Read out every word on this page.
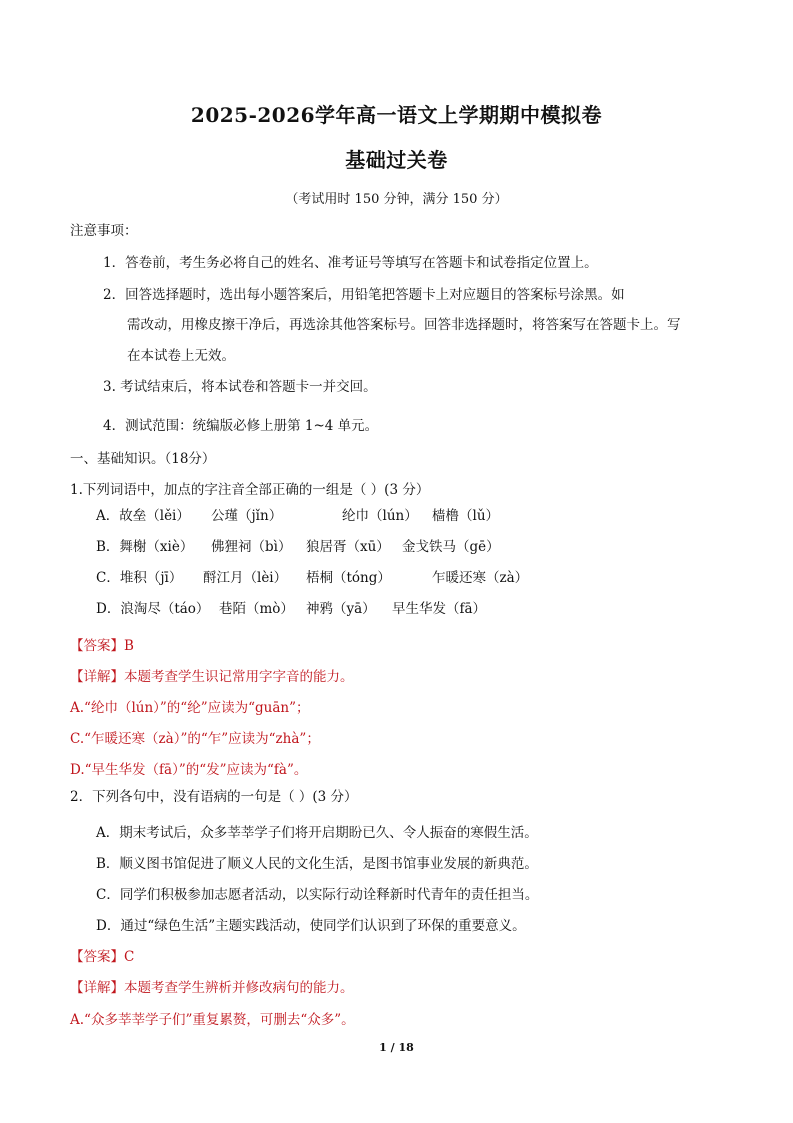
2025-2026学年高一语文上学期期中模拟卷
基础过关卷
（考试用时 150 分钟，满分 150 分）
注意事项：
1．答卷前，考生务必将自己的姓名、准考证号等填写在答题卡和试卷指定位置上。
2．回答选择题时，选出每小题答案后，用铅笔把答题卡上对应题目的答案标号涂黑。如
需改动，用橡皮擦干净后，再选涂其他答案标号。回答非选择题时，将答案写在答题卡上。写
在本试卷上无效。
3. 考试结束后，将本试卷和答题卡一并交回。
4．测试范围：统编版必修上册第 1~4 单元。
一、基础知识。（18分）
1.下列词语中，加点的字注音全部正确的一组是（ ）(3 分）
A．故垒（lěi） 公瑾（jǐn）	纶巾（lún） 樯橹（lǔ）
B．舞榭（xiè） 佛狸祠（bì） 狼居胥（xū） 金戈铁马（gē）
C．堆积（jī） 酹江月（lèi） 梧桐（tóng）	乍暖还寒（zà）
D．浪淘尽（táo） 巷陌（mò） 神鸦（yā） 早生华发（fā）
【答案】B
【详解】本题考查学生识记常用字字音的能力。
A.“纶巾（lún）”的“纶”应读为“guān”；
C.“乍暖还寒（zà）”的“乍”应读为“zhà”；
D.“早生华发（fā）”的“发”应读为“fà”。
2．下列各句中，没有语病的一句是（ ）(3 分）
A．期末考试后，众多莘莘学子们将开启期盼已久、令人振奋的寒假生活。
B．顺义图书馆促进了顺义人民的文化生活，是图书馆事业发展的新典范。
C．同学们积极参加志愿者活动，以实际行动诠释新时代青年的责任担当。
D．通过“绿色生活”主题实践活动，使同学们认识到了环保的重要意义。
【答案】C
【详解】本题考查学生辨析并修改病句的能力。
A.“众多莘莘学子们”重复累赘，可删去“众多”。
1 / 18
